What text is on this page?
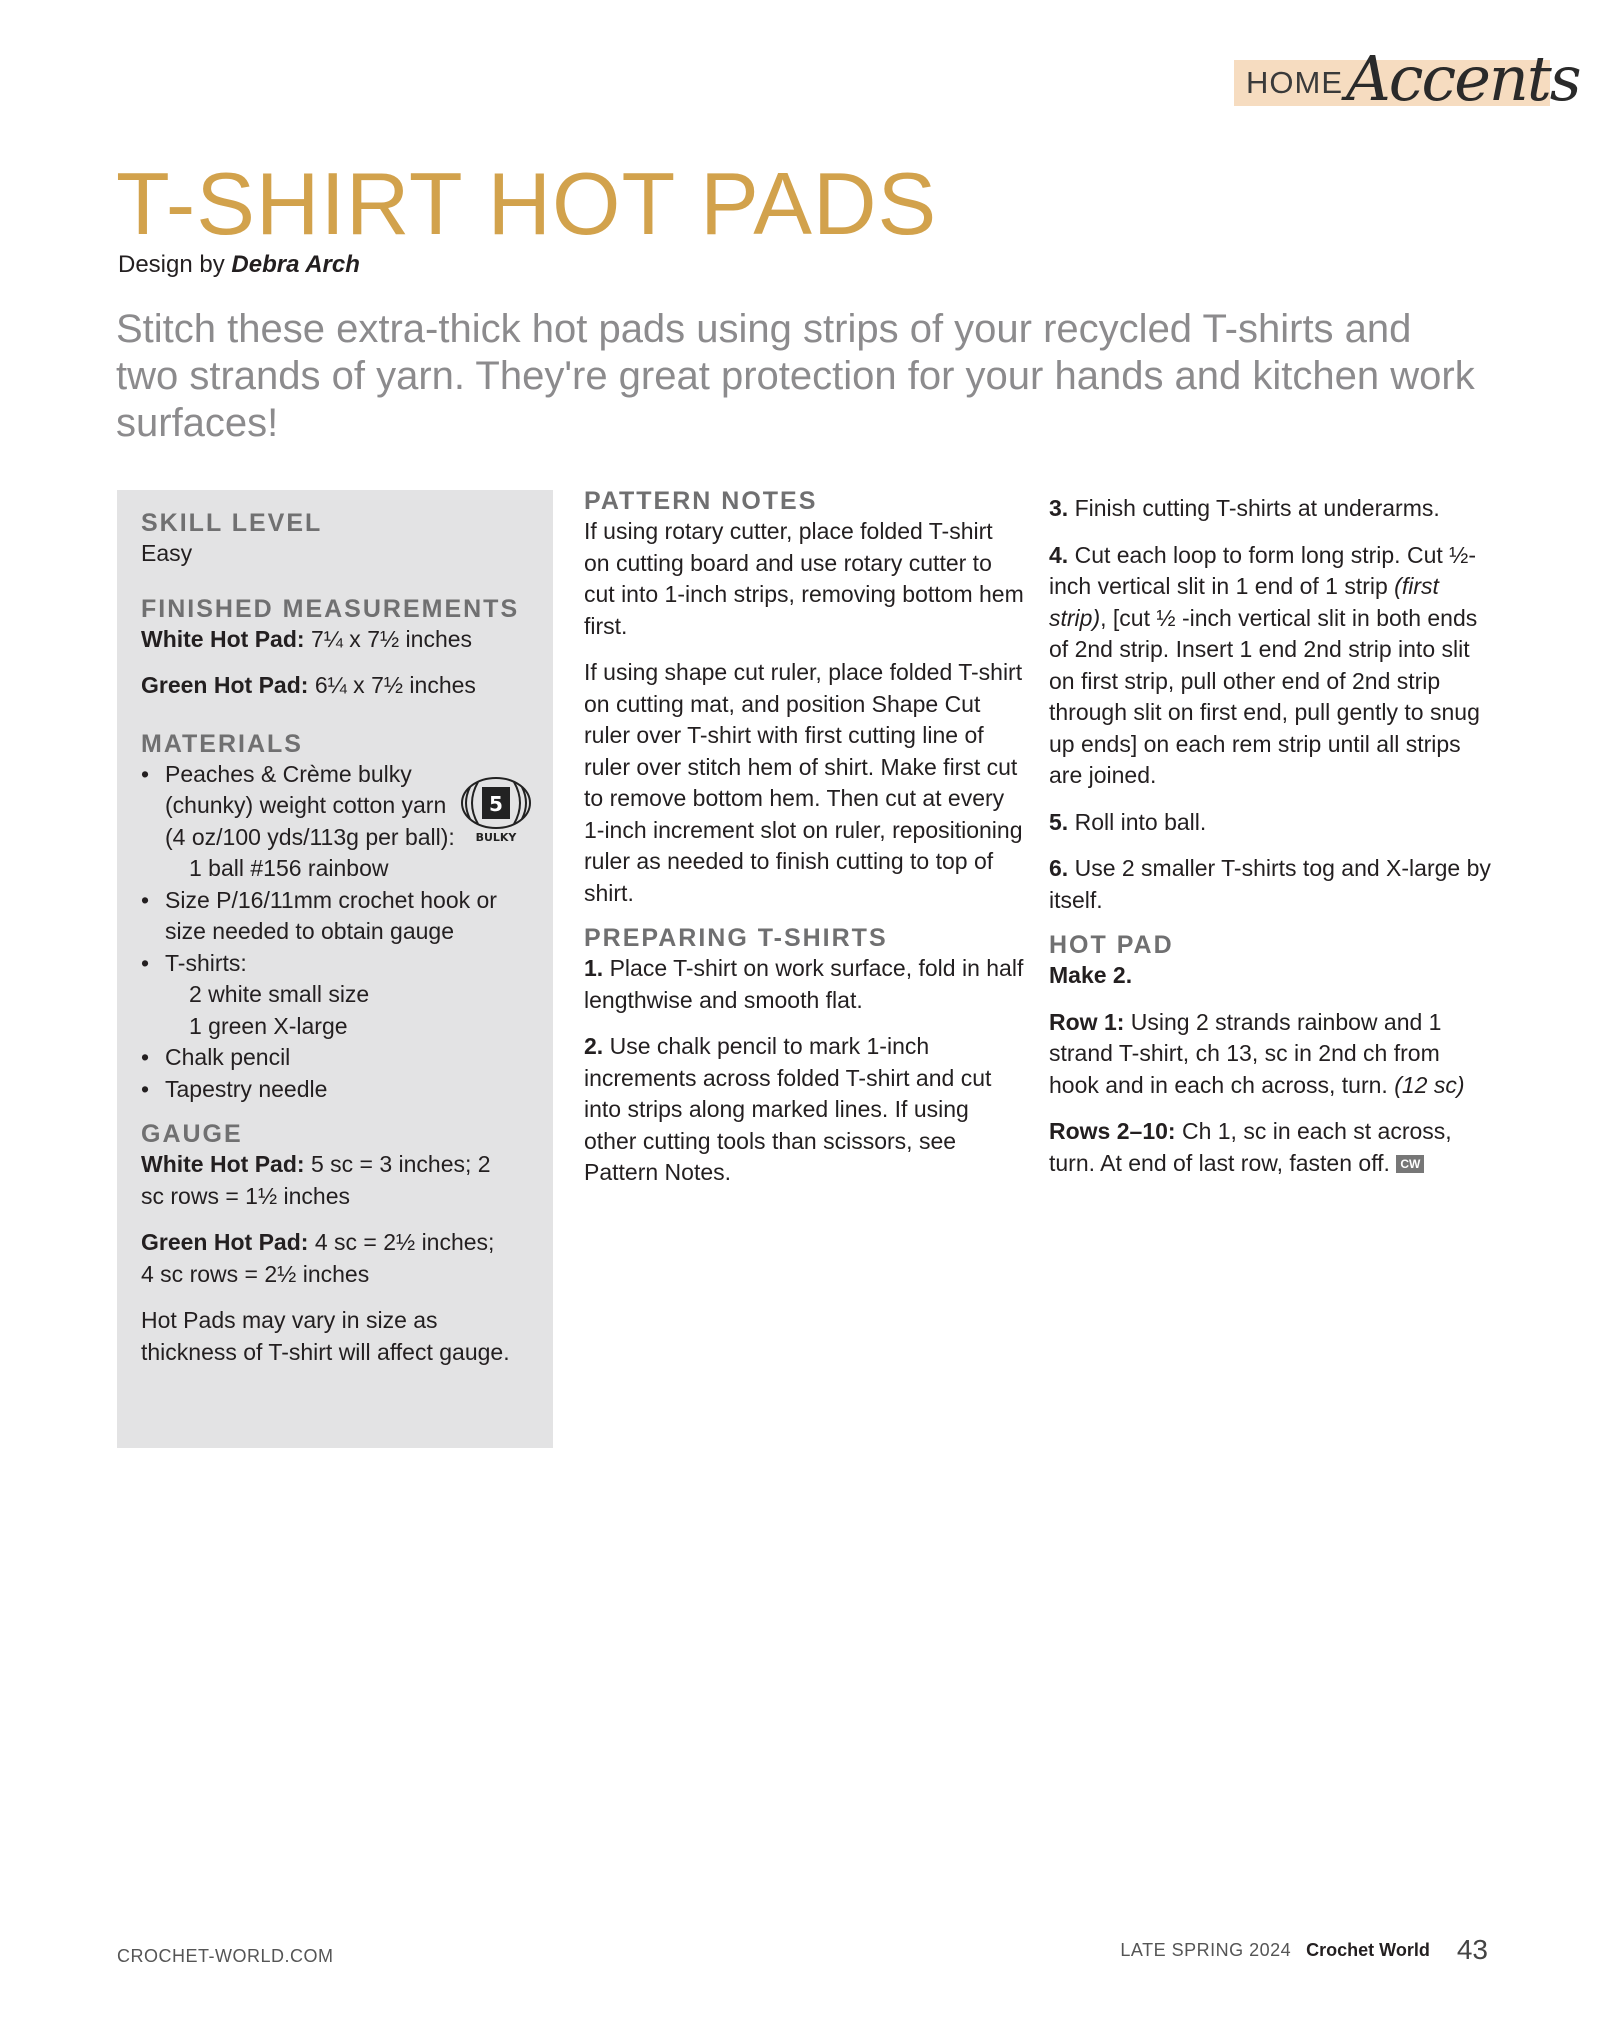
HOME Accents
T-SHIRT HOT PADS
Design by Debra Arch
Stitch these extra-thick hot pads using strips of your recycled T-shirts and two strands of yarn. They're great protection for your hands and kitchen work surfaces!
SKILL LEVEL

Easy

FINISHED MEASUREMENTS

White Hot Pad: 7¼ x 7½ inches

Green Hot Pad: 6¼ x 7½ inches

MATERIALS
• Peaches & Crème bulky (chunky) weight cotton yarn (4 oz/100 yds/113g per ball):
1 ball #156 rainbow
• Size P/16/11mm crochet hook or size needed to obtain gauge
• T-shirts:
2 white small size
1 green X-large
• Chalk pencil
• Tapestry needle
GAUGE

White Hot Pad: 5 sc = 3 inches; 2 sc rows = 1½ inches

Green Hot Pad: 4 sc = 2½ inches; 4 sc rows = 2½ inches

Hot Pads may vary in size as thickness of T-shirt will affect gauge.

5
BULKY
PATTERN NOTES

If using rotary cutter, place folded T-shirt on cutting board and use rotary cutter to cut into 1-inch strips, removing bottom hem first.

If using shape cut ruler, place folded T-shirt on cutting mat, and position Shape Cut ruler over T-shirt with first cutting line of ruler over stitch hem of shirt. Make first cut to remove bottom hem. Then cut at every 1-inch increment slot on ruler, repositioning ruler as needed to finish cutting to top of shirt.

PREPARING T-SHIRTS

1. Place T-shirt on work surface, fold in half lengthwise and smooth flat.

2. Use chalk pencil to mark 1-inch increments across folded T-shirt and cut into strips along marked lines. If using other cutting tools than scissors, see Pattern Notes.

3. Finish cutting T-shirts at underarms.

4. Cut each loop to form long strip. Cut ½-inch vertical slit in 1 end of 1 strip (first strip), [cut ½ -inch vertical slit in both ends of 2nd strip. Insert 1 end 2nd strip into slit on first strip, pull other end of 2nd strip through slit on first end, pull gently to snug up ends] on each rem strip until all strips are joined.

5. Roll into ball.

6. Use 2 smaller T-shirts tog and X-large by itself.

HOT PAD

Make 2.

Row 1: Using 2 strands rainbow and 1 strand T-shirt, ch 13, sc in 2nd ch from hook and in each ch across, turn. (12 sc)

Rows 2–10: Ch 1, sc in each st across, turn. At end of last row, fasten off. CW

CROCHET-WORLD.COM	LATE SPRING 2024 Crochet World 43
